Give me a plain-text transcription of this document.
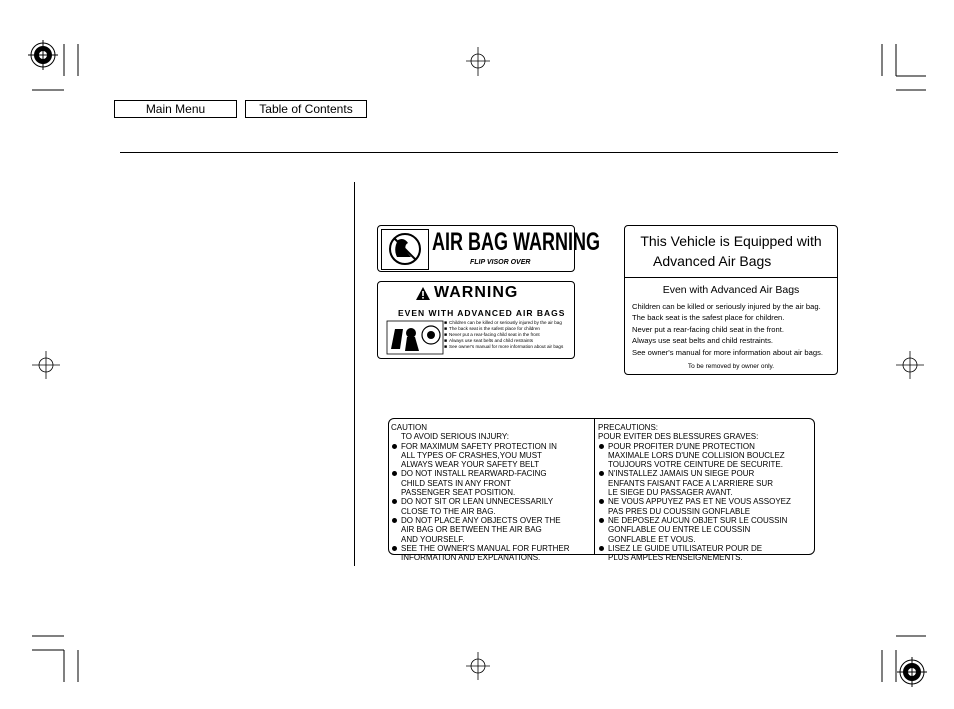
Main Menu	Table of Contents
AIR BAG WARNING
FLIP VISOR OVER
WARNING
EVEN WITH ADVANCED AIR BAGS
■ Children can be killed or seriously injured by the air bag
■ The back seat is the safest place for children
■ Never put a rear-facing child seat in the front
■ Always use seat belts and child restraints
■ See owner's manual for more information about air bags
This Vehicle is Equipped with
Advanced Air Bags
Even with Advanced Air Bags
Children can be killed or seriously injured by the air bag.
The back seat is the safest place for children.
Never put a rear-facing child seat in the front.
Always use seat belts and child restraints.
See owner's manual for more information about air bags.
To be removed by owner only.
CAUTION
TO AVOID SERIOUS INJURY:
FOR MAXIMUM SAFETY PROTECTION IN
ALL TYPES OF CRASHES,YOU MUST
ALWAYS WEAR YOUR SAFETY BELT
DO NOT INSTALL REARWARD-FACING
CHILD SEATS IN ANY FRONT
PASSENGER SEAT POSITION.
DO NOT SIT OR LEAN UNNECESSARILY
CLOSE TO THE AIR BAG.
DO NOT PLACE ANY OBJECTS OVER THE
AIR BAG OR BETWEEN THE AIR BAG
AND YOURSELF.
SEE THE OWNER'S MANUAL FOR FURTHER
INFORMATION AND EXPLANATIONS.
PRECAUTIONS:
POUR EVITER DES BLESSURES GRAVES:
POUR PROFITER D'UNE PROTECTION
MAXIMALE LORS D'UNE COLLISION BOUCLEZ
TOUJOURS VOTRE CEINTURE DE SECURITE.
N'INSTALLEZ JAMAIS UN SIEGE POUR
ENFANTS FAISANT FACE A L'ARRIERE SUR
LE SIEGE DU PASSAGER AVANT.
NE VOUS APPUYEZ PAS ET NE VOUS ASSOYEZ
PAS PRES DU COUSSIN GONFLABLE
NE DEPOSEZ AUCUN OBJET SUR LE COUSSIN
GONFLABLE OU ENTRE LE COUSSIN
GONFLABLE ET VOUS.
LISEZ LE GUIDE UTILISATEUR POUR DE
PLUS AMPLES RENSEIGNEMENTS.
